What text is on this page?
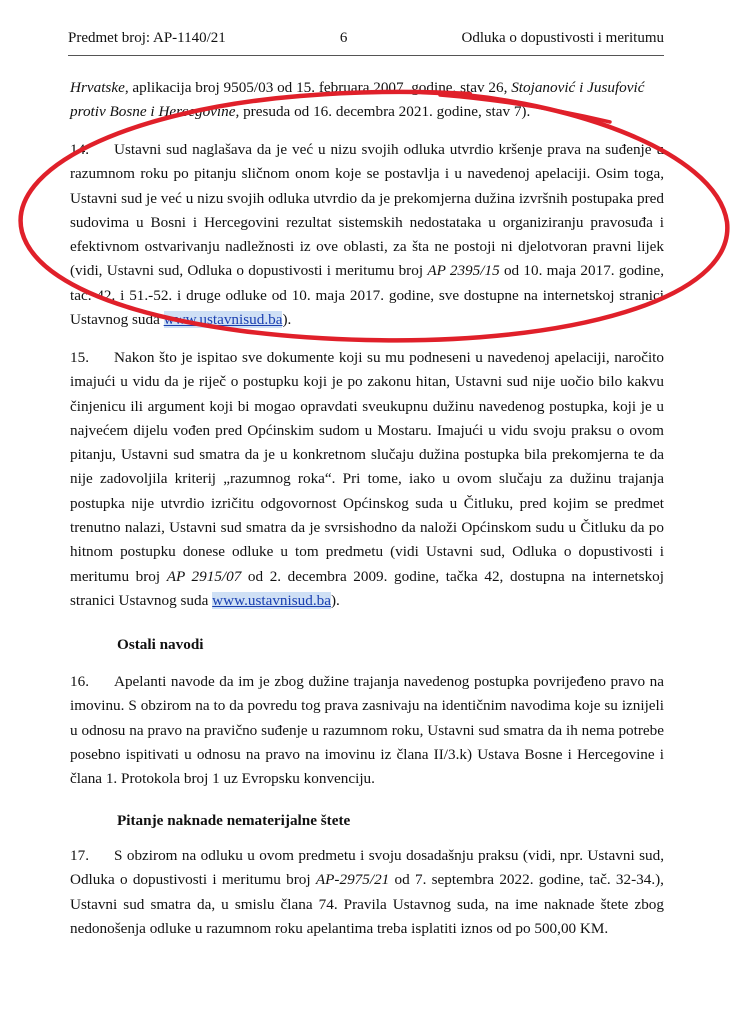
Predmet broj: AP-1140/21	6	Odluka o dopustivosti i meritumu

Hrvatske, aplikacija broj 9505/03 od 15. februara 2007. godine, stav 26, Stojanović i Jusufović
protiv Bosne i Hercegovine, presuda od 16. decembra 2021. godine, stav 7).

14. Ustavni sud naglašava da je već u nizu svojih odluka utvrdio kršenje prava na suđenje u razumnom roku po pitanju sličnom onom koje se postavlja i u navedenoj apelaciji. Osim toga, Ustavni sud je već u nizu svojih odluka utvrdio da je prekomjerna dužina izvršnih postupaka pred sudovima u Bosni i Hercegovini rezultat sistemskih nedostataka u organiziranju pravosuđa i efektivnom ostvarivanju nadležnosti iz ove oblasti, za šta ne postoji ni djelotvoran pravni lijek (vidi, Ustavni sud, Odluka o dopustivosti i meritumu broj AP 2395/15 od 10. maja 2017. godine, tač. 42. i 51.-52. i druge odluke od 10. maja 2017. godine, sve dostupne na internetskoj stranici Ustavnog suda www.ustavnisud.ba).

15. Nakon što je ispitao sve dokumente koji su mu podneseni u navedenoj apelaciji, naročito imajući u vidu da je riječ o postupku koji je po zakonu hitan, Ustavni sud nije uočio bilo kakvu činjenicu ili argument koji bi mogao opravdati sveukupnu dužinu navedenog postupka, koji je u najvećem dijelu vođen pred Općinskim sudom u Mostaru. Imajući u vidu svoju praksu o ovom pitanju, Ustavni sud smatra da je u konkretnom slučaju dužina postupka bila prekomjerna te da nije zadovoljila kriterij „razumnog roka“. Pri tome, iako u ovom slučaju za dužinu trajanja postupka nije utvrdio izričitu odgovornost Općinskog suda u Čitluku, pred kojim se predmet trenutno nalazi, Ustavni sud smatra da je svrsishodno da naloži Općinskom sudu u Čitluku da po hitnom postupku donese odluke u tom predmetu (vidi Ustavni sud, Odluka o dopustivosti i meritumu broj AP 2915/07 od 2. decembra 2009. godine, tačka 42, dostupna na internetskoj stranici Ustavnog suda www.ustavnisud.ba).

Ostali navodi

16. Apelanti navode da im je zbog dužine trajanja navedenog postupka povrijeđeno pravo na imovinu. S obzirom na to da povredu tog prava zasnivaju na identičnim navodima koje su iznijeli u odnosu na pravo na pravično suđenje u razumnom roku, Ustavni sud smatra da ih nema potrebe posebno ispitivati u odnosu na pravo na imovinu iz člana II/3.k) Ustava Bosne i Hercegovine i člana 1. Protokola broj 1 uz Evropsku konvenciju.

Pitanje naknade nematerijalne štete

17. S obzirom na odluku u ovom predmetu i svoju dosadašnju praksu (vidi, npr. Ustavni sud, Odluka o dopustivosti i meritumu broj AP-2975/21 od 7. septembra 2022. godine, tač. 32-34.), Ustavni sud smatra da, u smislu člana 74. Pravila Ustavnog suda, na ime naknade štete zbog nedonošenja odluke u razumnom roku apelantima treba isplatiti iznos od po 500,00 KM.
